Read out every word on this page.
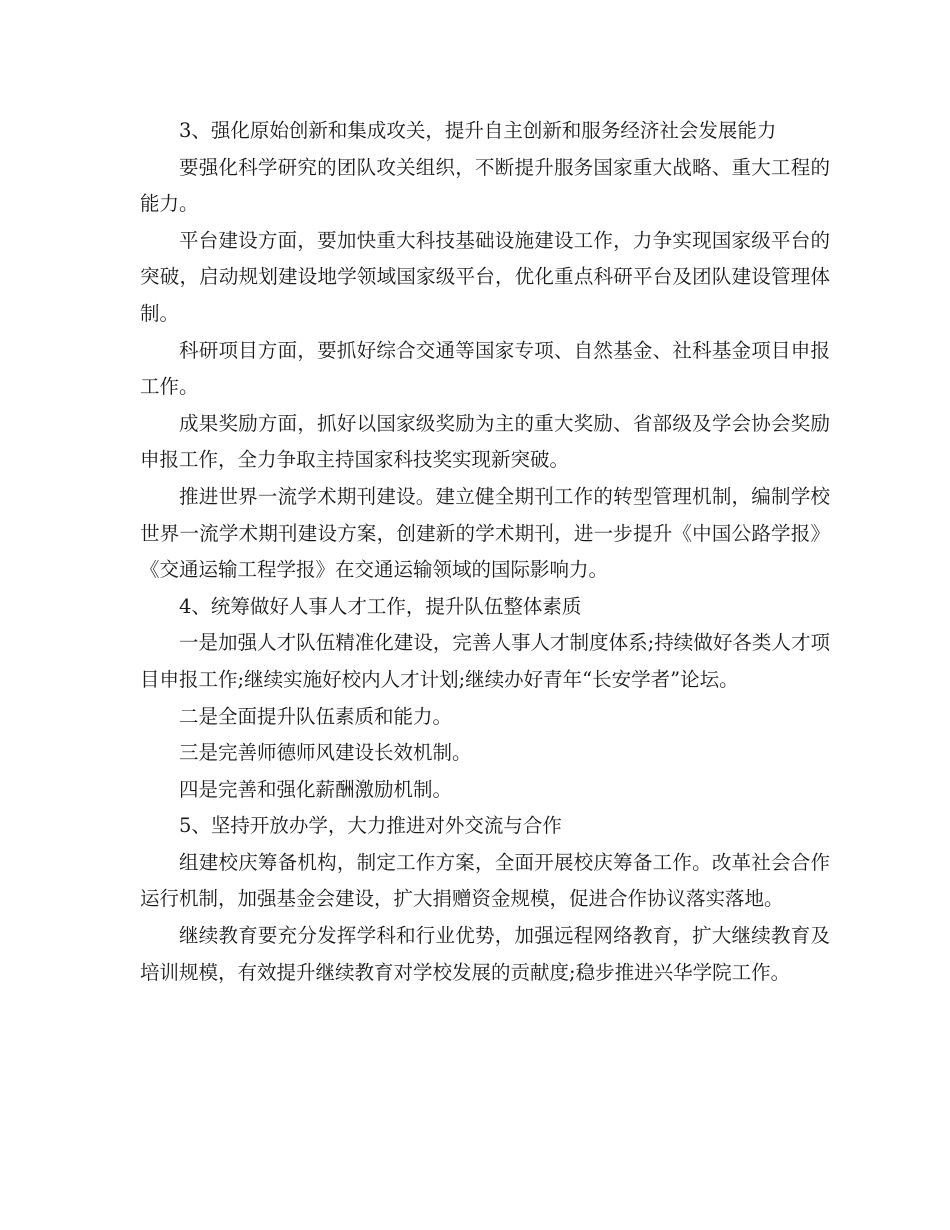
3、强化原始创新和集成攻关，提升自主创新和服务经济社会发展能力

要强化科学研究的团队攻关组织，不断提升服务国家重大战略、重大工程的能力。

平台建设方面，要加快重大科技基础设施建设工作，力争实现国家级平台的突破，启动规划建设地学领域国家级平台，优化重点科研平台及团队建设管理体制。

科研项目方面，要抓好综合交通等国家专项、自然基金、社科基金项目申报工作。

成果奖励方面，抓好以国家级奖励为主的重大奖励、省部级及学会协会奖励申报工作，全力争取主持国家科技奖实现新突破。

推进世界一流学术期刊建设。建立健全期刊工作的转型管理机制，编制学校世界一流学术期刊建设方案，创建新的学术期刊，进一步提升《中国公路学报》《交通运输工程学报》在交通运输领域的国际影响力。

4、统筹做好人事人才工作，提升队伍整体素质

一是加强人才队伍精准化建设，完善人事人才制度体系;持续做好各类人才项目申报工作;继续实施好校内人才计划;继续办好青年“长安学者”论坛。

二是全面提升队伍素质和能力。

三是完善师德师风建设长效机制。

四是完善和强化薪酬激励机制。

5、坚持开放办学，大力推进对外交流与合作

组建校庆筹备机构，制定工作方案，全面开展校庆筹备工作。改革社会合作运行机制，加强基金会建设，扩大捐赠资金规模，促进合作协议落实落地。

继续教育要充分发挥学科和行业优势，加强远程网络教育，扩大继续教育及培训规模，有效提升继续教育对学校发展的贡献度;稳步推进兴华学院工作。
